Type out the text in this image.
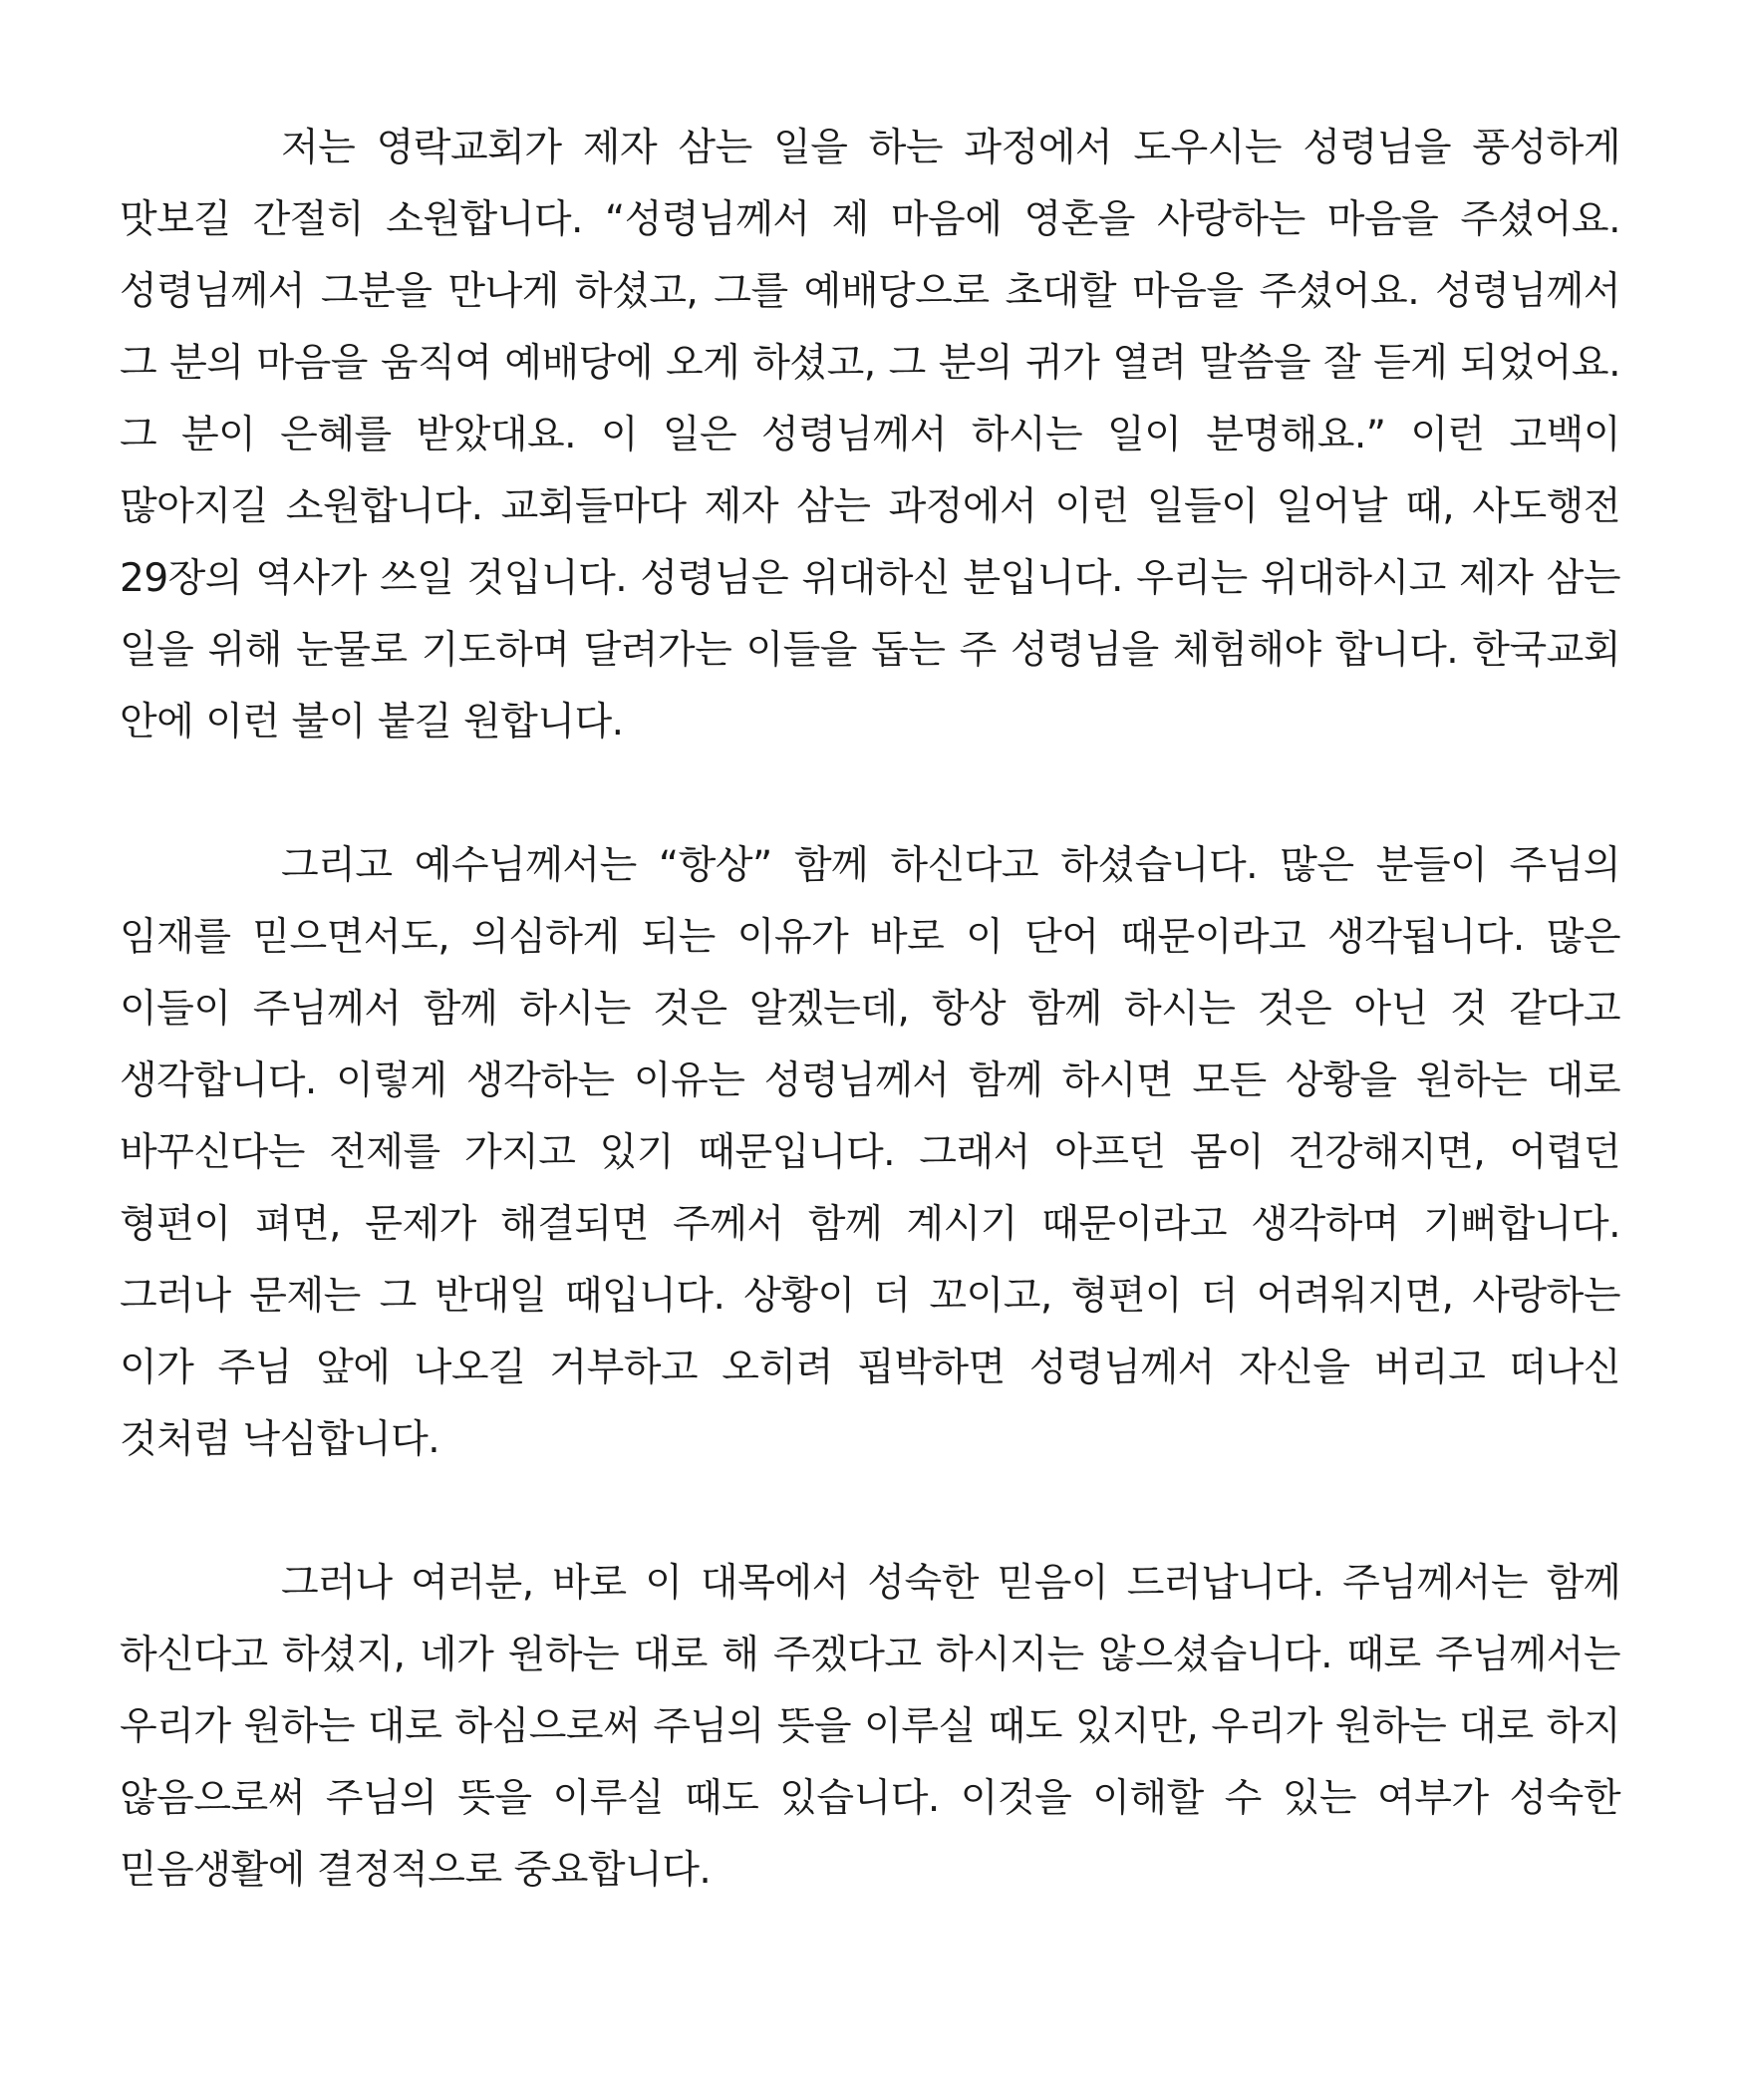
저는 영락교회가 제자 삼는 일을 하는 과정에서 도우시는 성령님을 풍성하게 맛보길 간절히 소원합니다. “성령님께서 제 마음에 영혼을 사랑하는 마음을 주셨어요. 성령님께서 그분을 만나게 하셨고, 그를 예배당으로 초대할 마음을 주셨어요. 성령님께서 그 분의 마음을 움직여 예배당에 오게 하셨고, 그 분의 귀가 열려 말씀을 잘 듣게 되었어요. 그 분이 은혜를 받았대요. 이 일은 성령님께서 하시는 일이 분명해요.” 이런 고백이 많아지길 소원합니다. 교회들마다 제자 삼는 과정에서 이런 일들이 일어날 때, 사도행전 29장의 역사가 쓰일 것입니다. 성령님은 위대하신 분입니다. 우리는 위대하시고 제자 삼는 일을 위해 눈물로 기도하며 달려가는 이들을 돕는 주 성령님을 체험해야 합니다. 한국교회 안에 이런 불이 붙길 원합니다.

그리고 예수님께서는 “항상” 함께 하신다고 하셨습니다. 많은 분들이 주님의 임재를 믿으면서도, 의심하게 되는 이유가 바로 이 단어 때문이라고 생각됩니다. 많은 이들이 주님께서 함께 하시는 것은 알겠는데, 항상 함께 하시는 것은 아닌 것 같다고 생각합니다. 이렇게 생각하는 이유는 성령님께서 함께 하시면 모든 상황을 원하는 대로 바꾸신다는 전제를 가지고 있기 때문입니다. 그래서 아프던 몸이 건강해지면, 어렵던 형편이 펴면, 문제가 해결되면 주께서 함께 계시기 때문이라고 생각하며 기뻐합니다. 그러나 문제는 그 반대일 때입니다. 상황이 더 꼬이고, 형편이 더 어려워지면, 사랑하는 이가 주님 앞에 나오길 거부하고 오히려 핍박하면 성령님께서 자신을 버리고 떠나신 것처럼 낙심합니다.

그러나 여러분, 바로 이 대목에서 성숙한 믿음이 드러납니다. 주님께서는 함께 하신다고 하셨지, 네가 원하는 대로 해 주겠다고 하시지는 않으셨습니다. 때로 주님께서는 우리가 원하는 대로 하심으로써 주님의 뜻을 이루실 때도 있지만, 우리가 원하는 대로 하지 않음으로써 주님의 뜻을 이루실 때도 있습니다. 이것을 이해할 수 있는 여부가 성숙한 믿음생활에 결정적으로 중요합니다.
